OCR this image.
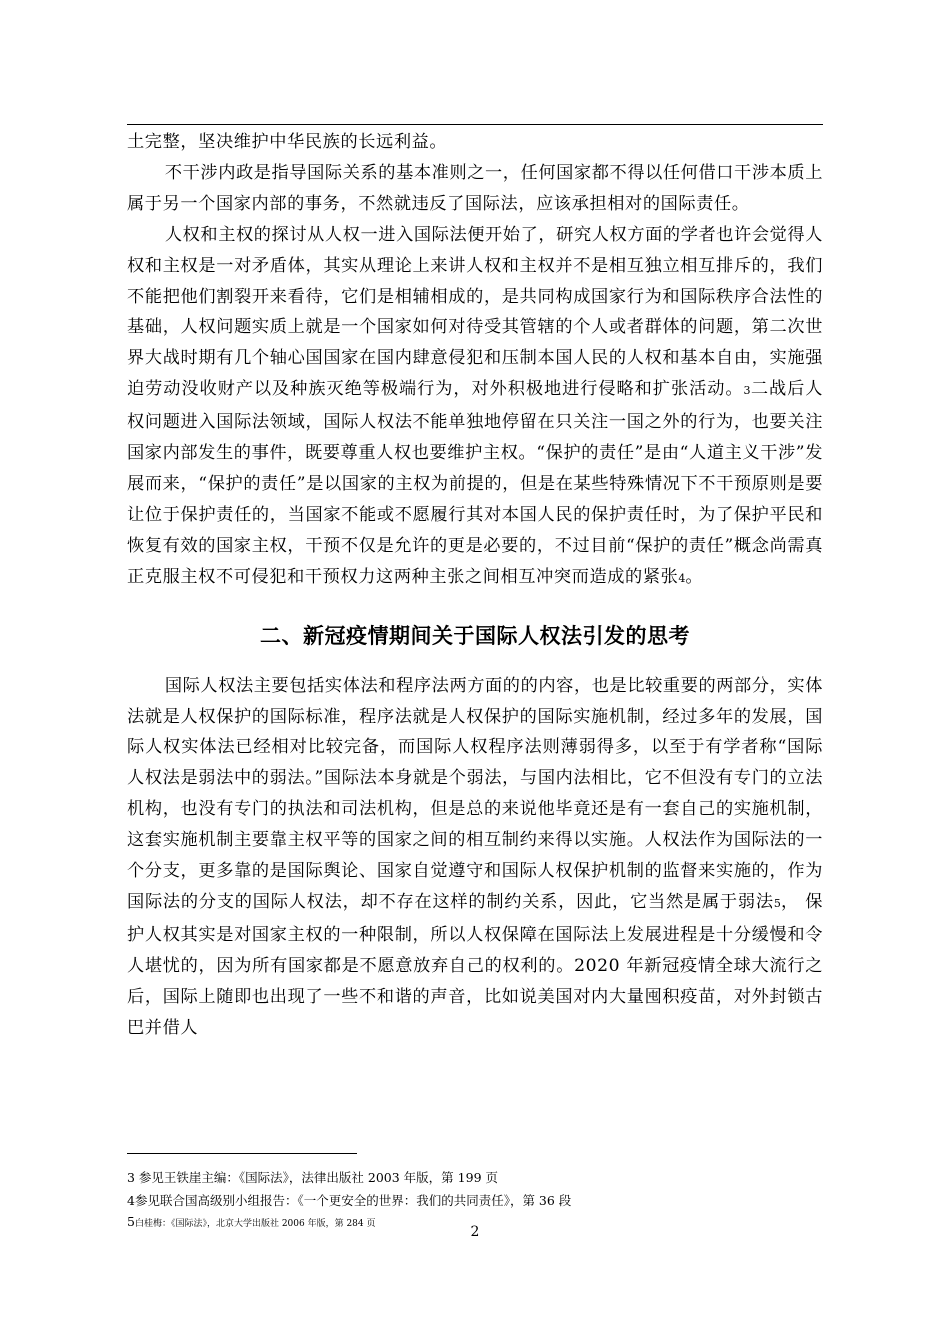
土完整，坚决维护中华民族的长远利益。

不干涉内政是指导国际关系的基本准则之一，任何国家都不得以任何借口干涉本质上属于另一个国家内部的事务，不然就违反了国际法，应该承担相对的国际责任。

人权和主权的探讨从人权一进入国际法便开始了，研究人权方面的学者也许会觉得人权和主权是一对矛盾体，其实从理论上来讲人权和主权并不是相互独立相互排斥的，我们不能把他们割裂开来看待，它们是相辅相成的，是共同构成国家行为和国际秩序合法性的基础，人权问题实质上就是一个国家如何对待受其管辖的个人或者群体的问题，第二次世界大战时期有几个轴心国国家在国内肆意侵犯和压制本国人民的人权和基本自由，实施强迫劳动没收财产以及种族灭绝等极端行为，对外积极地进行侵略和扩张活动。3二战后人权问题进入国际法领域，国际人权法不能单独地停留在只关注一国之外的行为，也要关注国家内部发生的事件，既要尊重人权也要维护主权。“保护的责任”是由“人道主义干涉”发展而来，“保护的责任”是以国家的主权为前提的，但是在某些特殊情况下不干预原则是要让位于保护责任的，当国家不能或不愿履行其对本国人民的保护责任时，为了保护平民和恢复有效的国家主权，干预不仅是允许的更是必要的，不过目前“保护的责任”概念尚需真正克服主权不可侵犯和干预权力这两种主张之间相互冲突而造成的紧张4。

二、新冠疫情期间关于国际人权法引发的思考

国际人权法主要包括实体法和程序法两方面的的内容，也是比较重要的两部分，实体法就是人权保护的国际标准，程序法就是人权保护的国际实施机制，经过多年的发展，国际人权实体法已经相对比较完备，而国际人权程序法则薄弱得多，以至于有学者称“国际人权法是弱法中的弱法。”国际法本身就是个弱法，与国内法相比，它不但没有专门的立法机构，也没有专门的执法和司法机构，但是总的来说他毕竟还是有一套自己的实施机制，这套实施机制主要靠主权平等的国家之间的相互制约来得以实施。人权法作为国际法的一个分支，更多靠的是国际舆论、国家自觉遵守和国际人权保护机制的监督来实施的，作为国际法的分支的国际人权法，却不存在这样的制约关系，因此，它当然是属于弱法5， 保护人权其实是对国家主权的一种限制，所以人权保障在国际法上发展进程是十分缓慢和令人堪忧的，因为所有国家都是不愿意放弃自己的权利的。2020 年新冠疫情全球大流行之后，国际上随即也出现了一些不和谐的声音，比如说美国对内大量囤积疫苗，对外封锁古巴并借人

3 参见王铁崖主编：《国际法》，法律出版社 2003 年版，第 199 页
4参见联合国高级别小组报告：《一个更安全的世界：我们的共同责任》，第 36 段
5白桂梅：《国际法》，北京大学出版社 2006 年版，第 284 页	2
